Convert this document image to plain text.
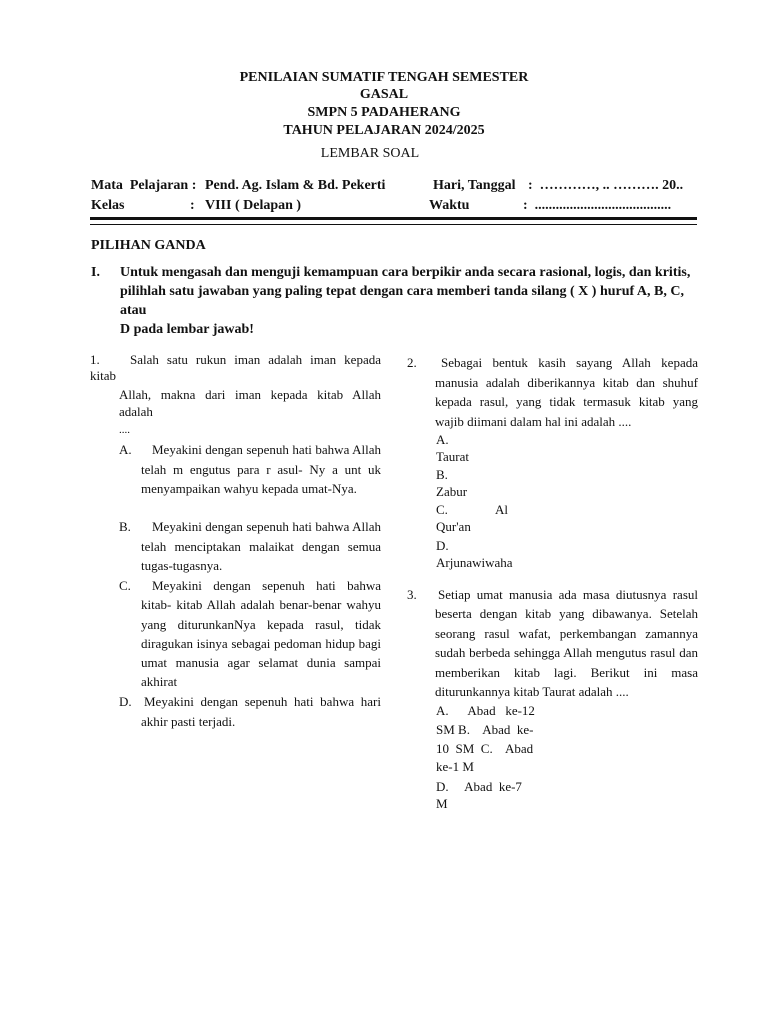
PENILAIAN SUMATIF TENGAH SEMESTER
GASAL
SMPN 5 PADAHERANG
TAHUN PELAJARAN 2024/2025
LEMBAR SOAL
Mata  Pelajaran : Pend. Ag. Islam & Bd. Pekerti	Hari, Tanggal :  …………, .. ………. 20..
Kelas	: VIII ( Delapan )	Waktu	:  .......................................
PILIHAN GANDA
I. Untuk mengasah dan menguji kemampuan cara berpikir anda secara rasional, logis, dan kritis,
pilihlah satu jawaban yang paling tepat dengan cara memberi tanda silang ( X ) huruf A, B, C,
atau
D pada lembar jawab!
1. Salah satu rukun iman adalah iman kepada
kitab
Allah, makna dari iman kepada kitab Allah
adalah
....
A.	Meyakini dengan sepenuh hati bahwa Allah telah m engutus para r asul- Ny a unt uk menyampaikan wahyu kepada umat-Nya.
B.	Meyakini dengan sepenuh hati bahwa Allah telah menciptakan malaikat dengan semua tugas-tugasnya.
C.	Meyakini dengan sepenuh hati bahwa kitab- kitab Allah adalah benar-benar wahyu yang diturunkanNya kepada rasul, tidak diragukan isinya sebagai pedoman hidup bagi umat manusia agar selamat dunia sampai akhirat
D. Meyakini dengan sepenuh hati bahwa hari akhir pasti terjadi.
2.	Sebagai bentuk kasih sayang Allah kepada manusia adalah diberikannya kitab dan shuhuf kepada rasul, yang tidak termasuk kitab yang wajib diimani dalam hal ini adalah ....
A.
Taurat
B.
Zabur
C.	Al
Qur'an
D.
Arjunawiwaha
3. Setiap umat manusia ada masa diutusnya rasul beserta dengan kitab yang dibawanya. Setelah seorang rasul wafat, perkembangan zamannya sudah berbeda sehingga Allah mengutus rasul dan memberikan kitab lagi. Berikut ini masa diturunkannya kitab Taurat adalah ....
A.      Abad   ke-12
SM B.    Abad  ke-
10  SM  C.    Abad
ke-1 M
D.     Abad  ke-7
M
